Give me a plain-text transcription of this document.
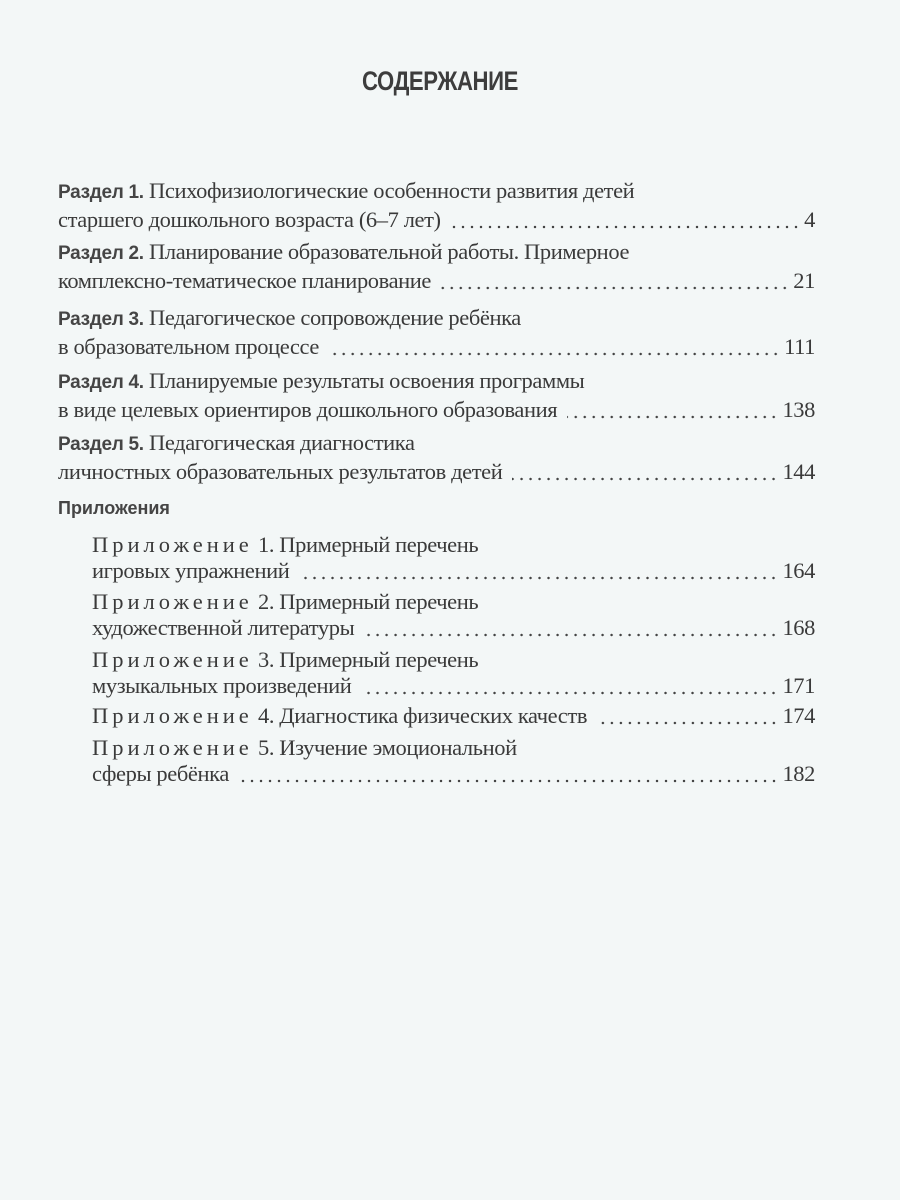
СОДЕРЖАНИЕ
Раздел 1. Психофизиологические особенности развития детей
старшего дошкольного возраста (6–7 лет)	4
Раздел 2. Планирование образовательной работы. Примерное
комплексно-тематическое планирование	21
Раздел 3. Педагогическое сопровождение ребёнка
в образовательном процессе	111
Раздел 4. Планируемые результаты освоения программы
в виде целевых ориентиров дошкольного образования	138
Раздел 5. Педагогическая диагностика
личностных образовательных результатов детей	144
Приложения
Приложение 1. Примерный перечень
игровых упражнений	164
Приложение 2. Примерный перечень
художественной литературы	168
Приложение 3. Примерный перечень
музыкальных произведений	171
Приложение
4. Диагностика физических качеств	174
Приложение 5. Изучение эмоциональной
сферы ребёнка	182
